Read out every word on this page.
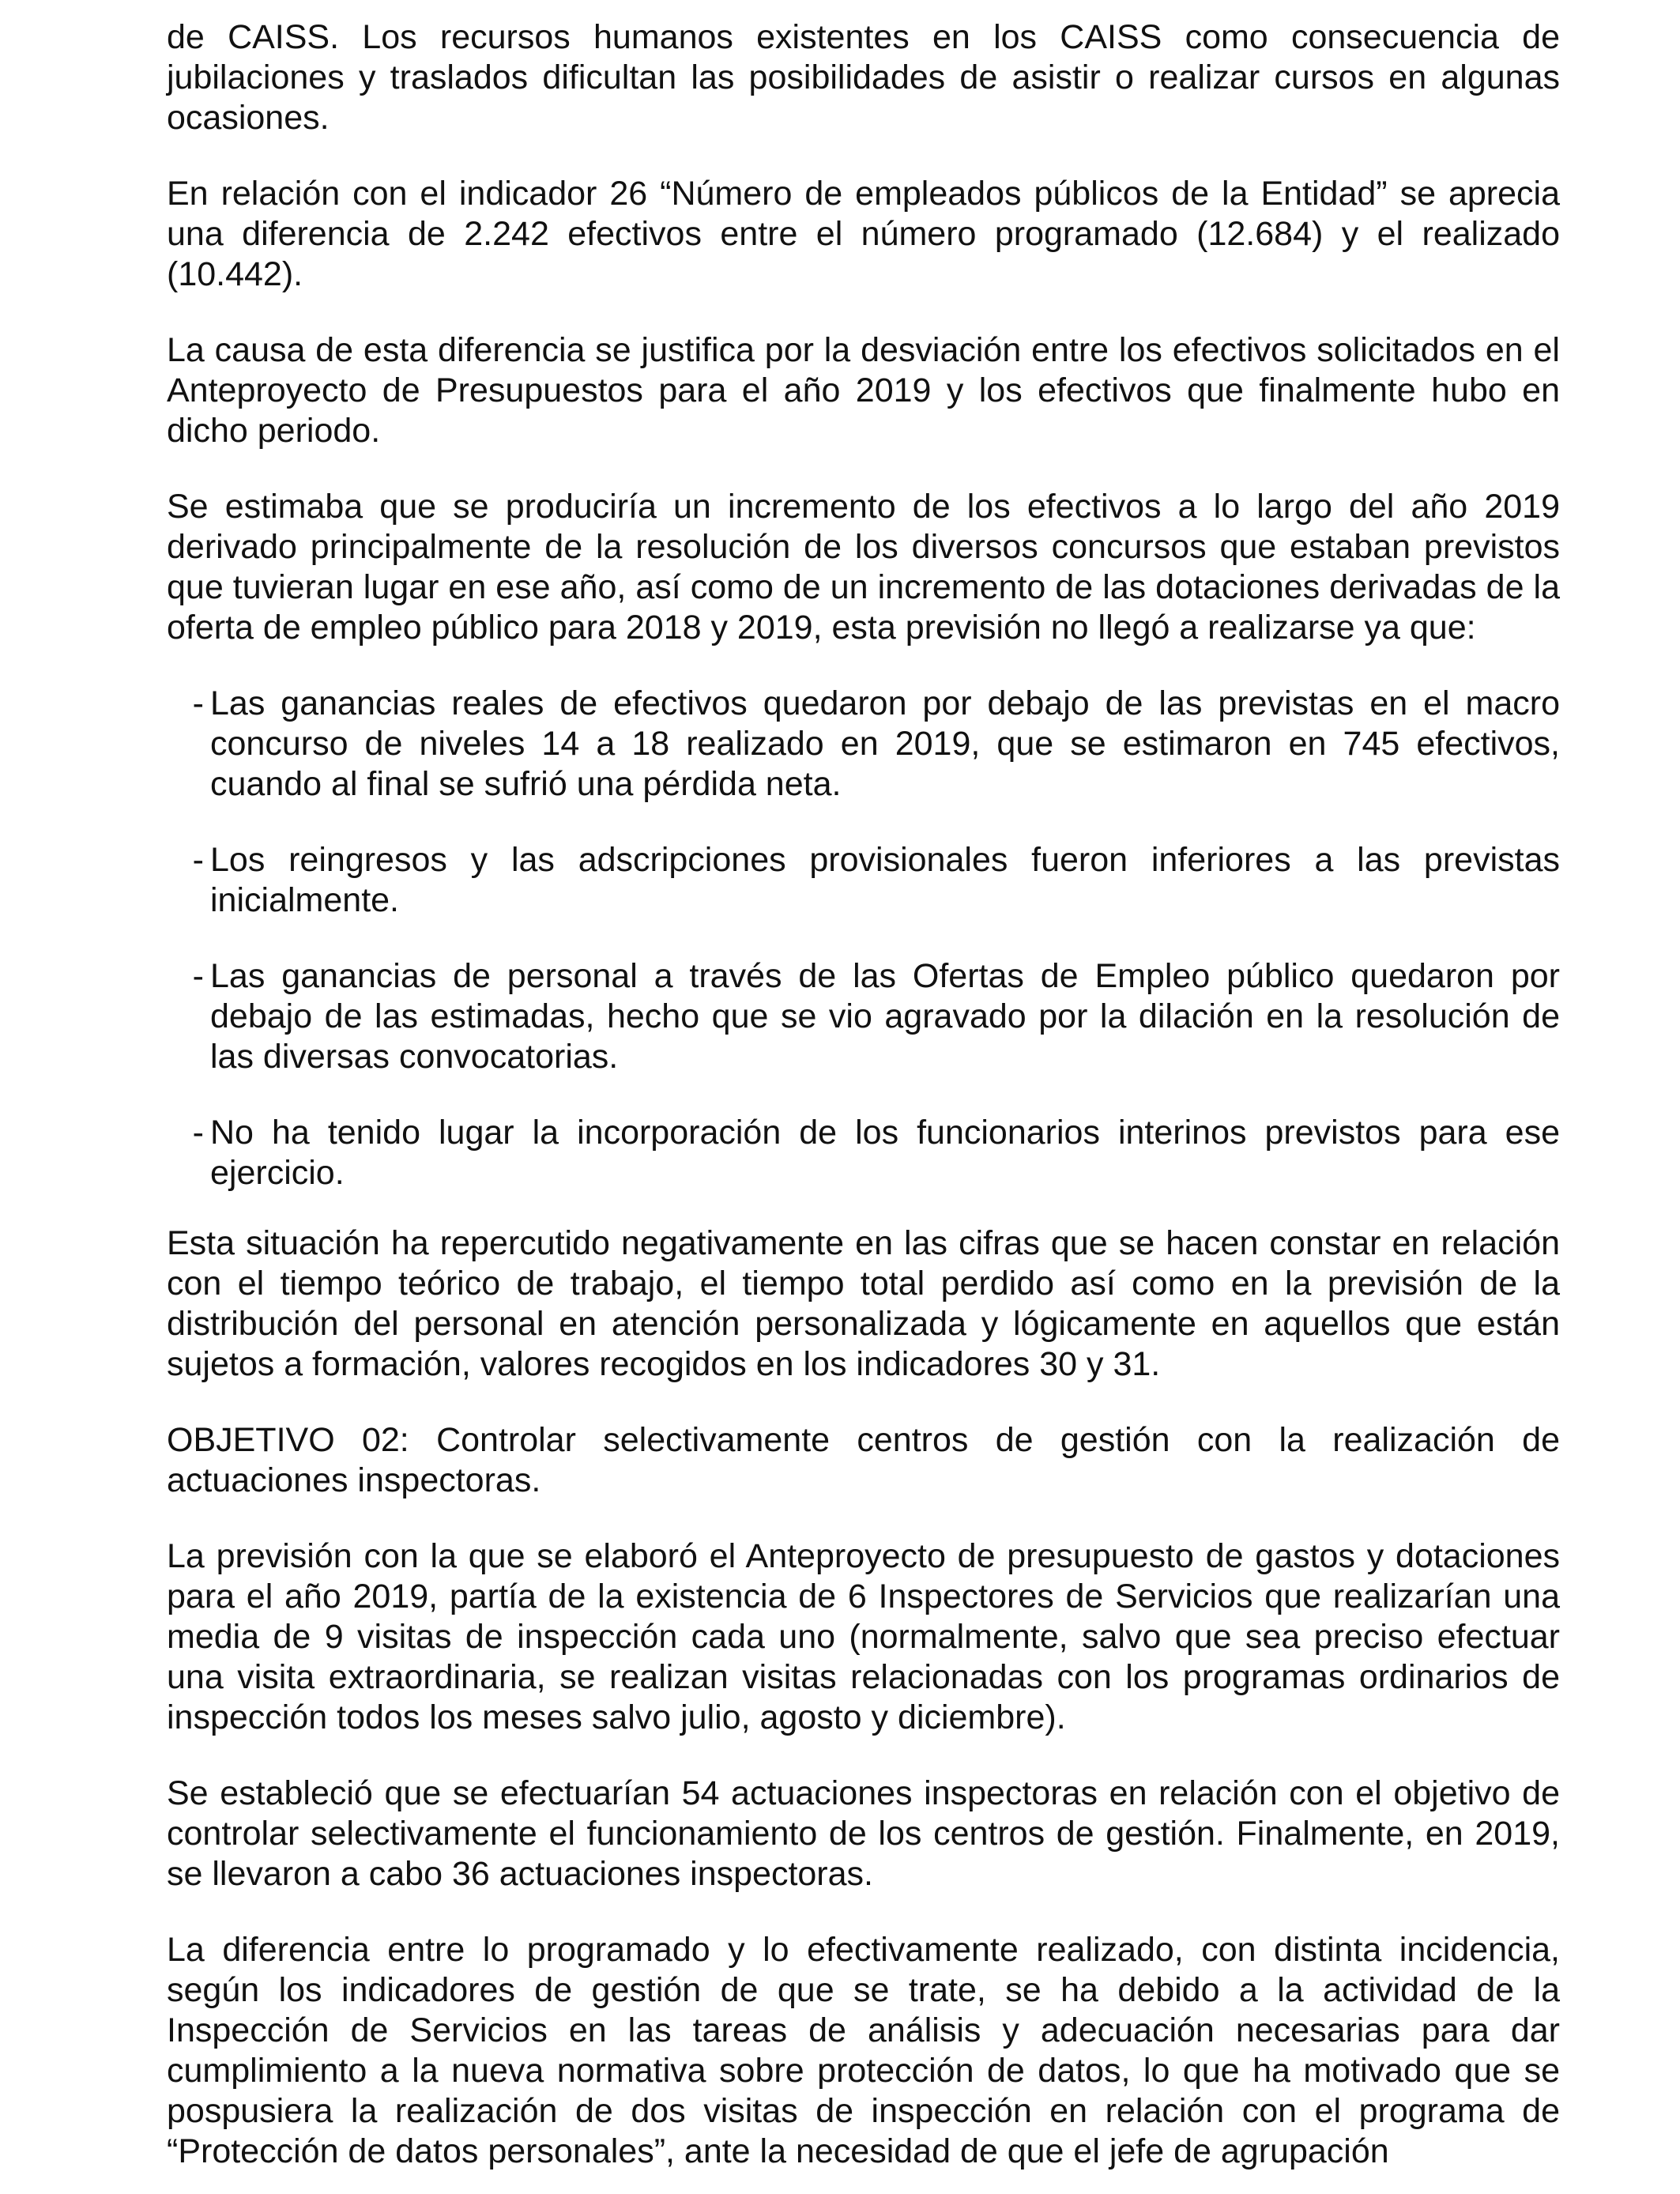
de CAISS. Los recursos humanos existentes en los CAISS como consecuencia de jubilaciones y traslados dificultan las posibilidades de asistir o realizar cursos en algunas ocasiones.

En relación con el indicador 26 “Número de empleados públicos de la Entidad” se aprecia una diferencia de 2.242 efectivos entre el número programado (12.684) y el realizado (10.442).

La causa de esta diferencia se justifica por la desviación entre los efectivos solicitados en el Anteproyecto de Presupuestos para el año 2019 y los efectivos que finalmente hubo en dicho periodo.

Se estimaba que se produciría un incremento de los efectivos a lo largo del año 2019 derivado principalmente de la resolución de los diversos concursos que estaban previstos que tuvieran lugar en ese año, así como de un incremento de las dotaciones derivadas de la oferta de empleo público para 2018 y 2019, esta previsión no llegó a realizarse ya que:

- Las ganancias reales de efectivos quedaron por debajo de las previstas en el macro concurso de niveles 14 a 18 realizado en 2019, que se estimaron en 745 efectivos, cuando al final se sufrió una pérdida neta.
- Los reingresos y las adscripciones provisionales fueron inferiores a las previstas inicialmente.
- Las ganancias de personal a través de las Ofertas de Empleo público quedaron por debajo de las estimadas, hecho que se vio agravado por la dilación en la resolución de las diversas convocatorias.
- No ha tenido lugar la incorporación de los funcionarios interinos previstos para ese ejercicio.

Esta situación ha repercutido negativamente en las cifras que se hacen constar en relación con el tiempo teórico de trabajo, el tiempo total perdido así como en la previsión de la distribución del personal en atención personalizada y lógicamente en aquellos que están sujetos a formación, valores recogidos en los indicadores 30 y 31.

OBJETIVO 02: Controlar selectivamente centros de gestión con la realización de actuaciones inspectoras.

La previsión con la que se elaboró el Anteproyecto de presupuesto de gastos y dotaciones para el año 2019, partía de la existencia de 6 Inspectores de Servicios que realizarían una media de 9 visitas de inspección cada uno (normalmente, salvo que sea preciso efectuar una visita extraordinaria, se realizan visitas relacionadas con los programas ordinarios de inspección todos los meses salvo julio, agosto y diciembre).

Se estableció que se efectuarían 54 actuaciones inspectoras en relación con el objetivo de controlar selectivamente el funcionamiento de los centros de gestión. Finalmente, en 2019, se llevaron a cabo 36 actuaciones inspectoras.

La diferencia entre lo programado y lo efectivamente realizado, con distinta incidencia, según los indicadores de gestión de que se trate, se ha debido a la actividad de la Inspección de Servicios en las tareas de análisis y adecuación necesarias para dar cumplimiento a la nueva normativa sobre protección de datos, lo que ha motivado que se pospusiera la realización de dos visitas de inspección en relación con el programa de “Protección de datos personales”, ante la necesidad de que el jefe de agrupación
